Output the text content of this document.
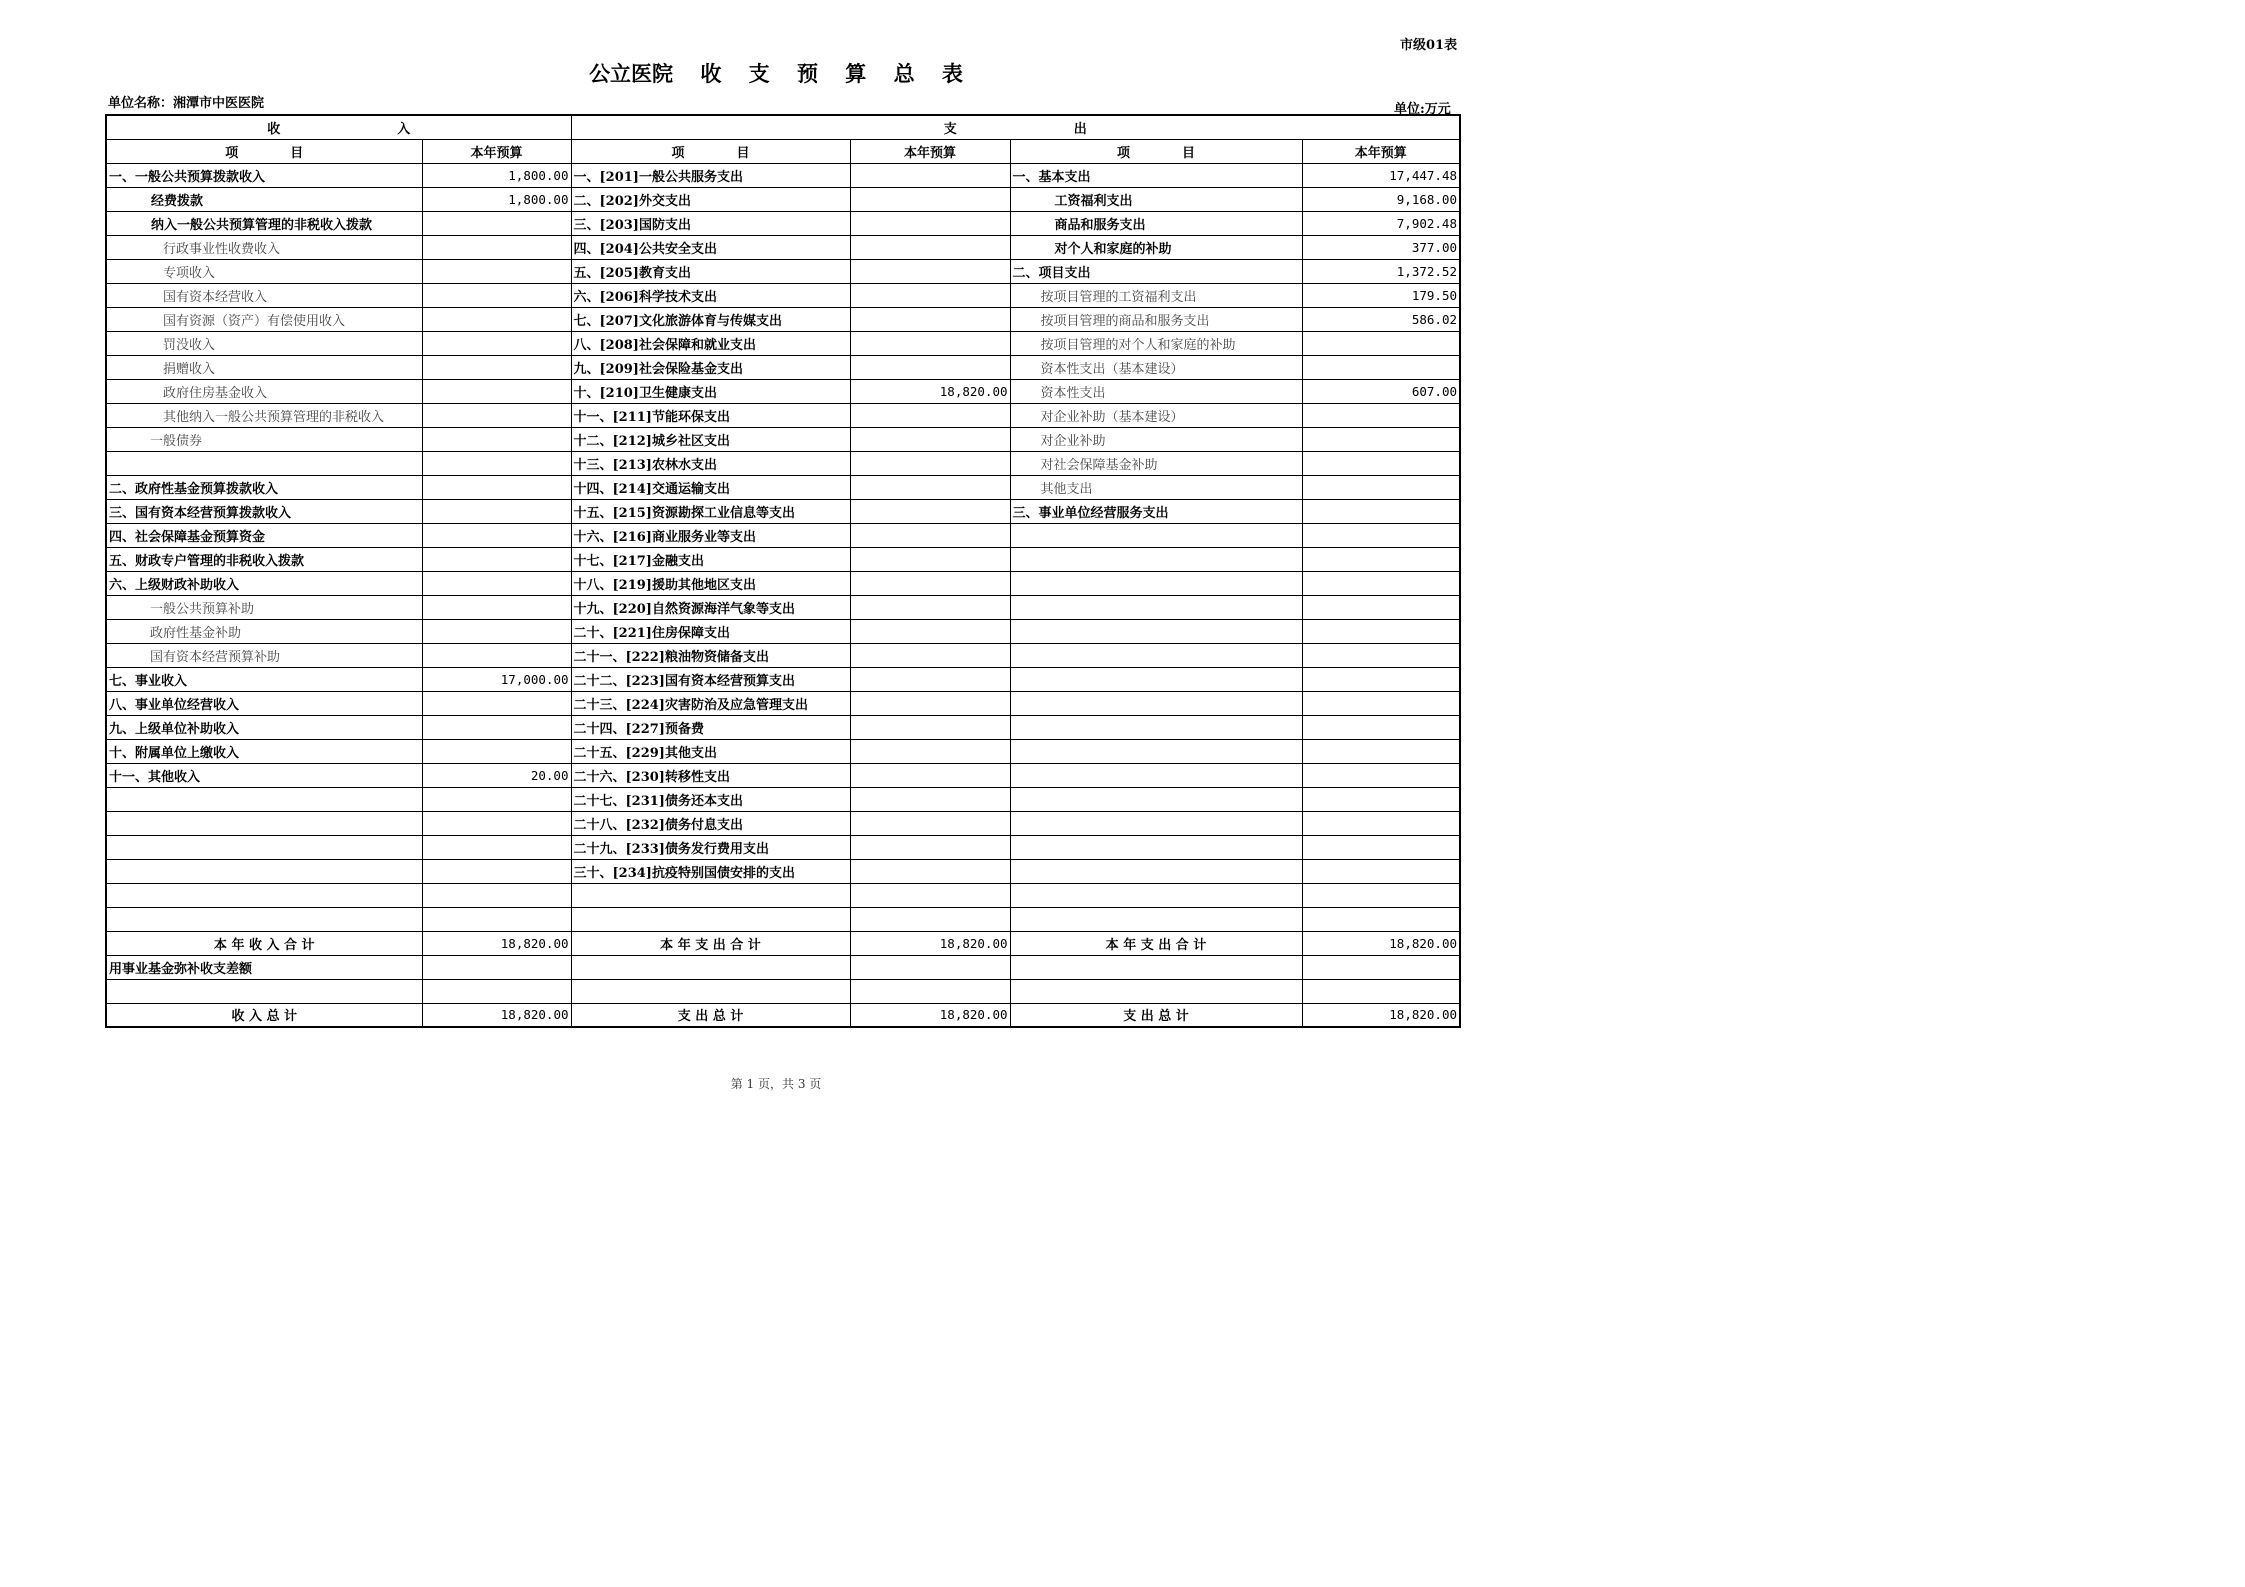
市级01表
公立医院 收 支 预 算 总 表
单位名称：湘潭市中医医院	单位:万元
收　　　　　　　　　入		支　　　　　　　　　出			
项　　　　目	本年预算	项　　　　目	本年预算	项　　　　目	本年预算
一、一般公共预算拨款收入	1,800.00	一、[201]一般公共服务支出		一、基本支出	17,447.48
经费拨款	1,800.00	二、[202]外交支出		工资福利支出	9,168.00
纳入一般公共预算管理的非税收入拨款		三、[203]国防支出		商品和服务支出	7,902.48
行政事业性收费收入		四、[204]公共安全支出		对个人和家庭的补助	377.00
专项收入		五、[205]教育支出		二、项目支出	1,372.52
国有资本经营收入		六、[206]科学技术支出		按项目管理的工资福利支出	179.50
国有资源（资产）有偿使用收入		七、[207]文化旅游体育与传媒支出		按项目管理的商品和服务支出	586.02
罚没收入		八、[208]社会保障和就业支出		按项目管理的对个人和家庭的补助	
捐赠收入		九、[209]社会保险基金支出		资本性支出（基本建设）	
政府住房基金收入		十、[210]卫生健康支出	18,820.00	资本性支出	607.00
其他纳入一般公共预算管理的非税收入		十一、[211]节能环保支出		对企业补助（基本建设）	
一般债券		十二、[212]城乡社区支出		对企业补助	
		十三、[213]农林水支出		对社会保障基金补助	
二、政府性基金预算拨款收入		十四、[214]交通运输支出		其他支出	
三、国有资本经营预算拨款收入		十五、[215]资源勘探工业信息等支出		三、事业单位经营服务支出	
四、社会保障基金预算资金		十六、[216]商业服务业等支出			
五、财政专户管理的非税收入拨款		十七、[217]金融支出			
六、上级财政补助收入		十八、[219]援助其他地区支出			
一般公共预算补助		十九、[220]自然资源海洋气象等支出			
政府性基金补助		二十、[221]住房保障支出			
国有资本经营预算补助		二十一、[222]粮油物资储备支出			
七、事业收入	17,000.00	二十二、[223]国有资本经营预算支出			
八、事业单位经营收入		二十三、[224]灾害防治及应急管理支出			
九、上级单位补助收入		二十四、[227]预备费			
十、附属单位上缴收入		二十五、[229]其他支出			
十一、其他收入	20.00	二十六、[230]转移性支出			
		二十七、[231]债务还本支出			
		二十八、[232]债务付息支出			
		二十九、[233]债务发行费用支出			
		三十、[234]抗疫特别国债安排的支出			

本 年 收 入 合 计	18,820.00	本 年 支 出 合 计	18,820.00	本 年 支 出 合 计	18,820.00
用事业基金弥补收支差额					

收 入 总 计	18,820.00	支 出 总 计	18,820.00	支 出 总 计	18,820.00
第 1 页，共 3 页
